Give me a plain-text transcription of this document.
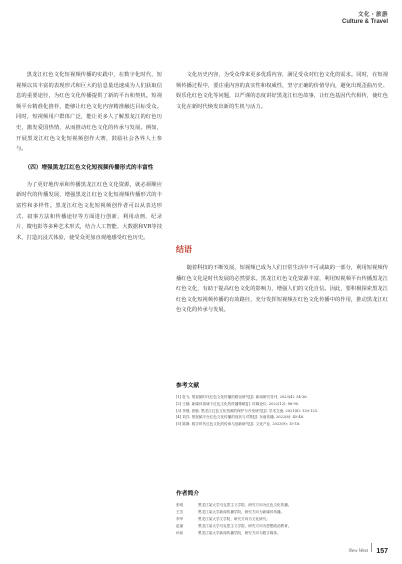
文化・旅游
Culture & Travel

黑龙江红色文化短视频传播的实践中，在数字化时代，短视频以其丰富的表现形式和巨大的信息量迅速成为人们获取信息的重要途径，为红色文化传播提供了新的平台和契机。短视频平台精准化推荐，能够让红色文化内容精准触达目标受众。同时，短视频用户群体广泛，能让更多人了解黑龙江的红色历史，激发爱国热情，从而推动红色文化的传承与发展。例如，开展黑龙江红色文化短视频创作大赛，鼓励社会各界人士参与。

（四）增强黑龙江红色文化短视频传播形式的丰富性

为了更好地传承和传播黑龙江红色文化资源，就必须顺应新时代的传播发展，增强黑龙江红色文化短视频传播形式的丰富性和多样性。黑龙江红色文化短视频创作者可以从表达形式、叙事方法和传播途径等方面进行创新，利用动画、纪录片、微电影等多种艺术形式，结合人工智能、大数据和VR等技术，打造沉浸式体验，使受众更加直观地感受红色历史。

文化历史内容，为受众带来更多优质内容，满足受众对红色文化的需求。同时，在短视频传播过程中，要注重内容的真实性和权威性，坚守正确的价值导向，避免出现歪曲历史、娱乐化红色文化等问题，以严谨的态度讲好黑龙江红色故事，让红色基因代代相传，使红色文化在新时代焕发出新的生机与活力。

结语

随着科技的不断发展，短视频已成为人们日常生活中不可或缺的一部分，利用短视频传播红色文化是时代发展的必然要求。黑龙江红色文化资源丰富，利用短视频平台传播黑龙江红色文化，有助于提高红色文化的影响力，增强人们的文化自信。因此，要积极探索黑龙江红色文化短视频传播的有效路径，充分发挥短视频在红色文化传播中的作用，推动黑龙江红色文化的传承与发展。

参考文献
[1] 杜飞. 短视频时代红色文化传播的路径研究[J]. 新闻研究导刊, 2023(4): 34-36.
[2] 王娜. 新媒体视域下红色文化的传播策略[J]. 传媒论坛, 2022(12): 88-90.
[3] 李强, 张敏. 黑龙江红色文化资源的保护与开发研究[J]. 学术交流, 2021(8): 120-125.
[4] 刘洋. 短视频平台红色文化传播的现状与对策[J]. 东南传播, 2022(6): 45-48.
[5] 陈静. 数字时代红色文化的传承与创新研究[J]. 文化产业, 2023(9): 15-18.
作者简介
张明	黑龙江某大学马克思主义学院，研究方向为红色文化传播。
王芳	黑龙江某大学新闻传播学院，研究方向为新媒体传播。
李华	黑龙江某大学文学院，研究方向为文化研究。
赵丽	黑龙江某大学马克思主义学院，研究方向为思想政治教育。
孙伟	黑龙江某大学新闻传播学院，研究方向为数字媒体。
New West 157
